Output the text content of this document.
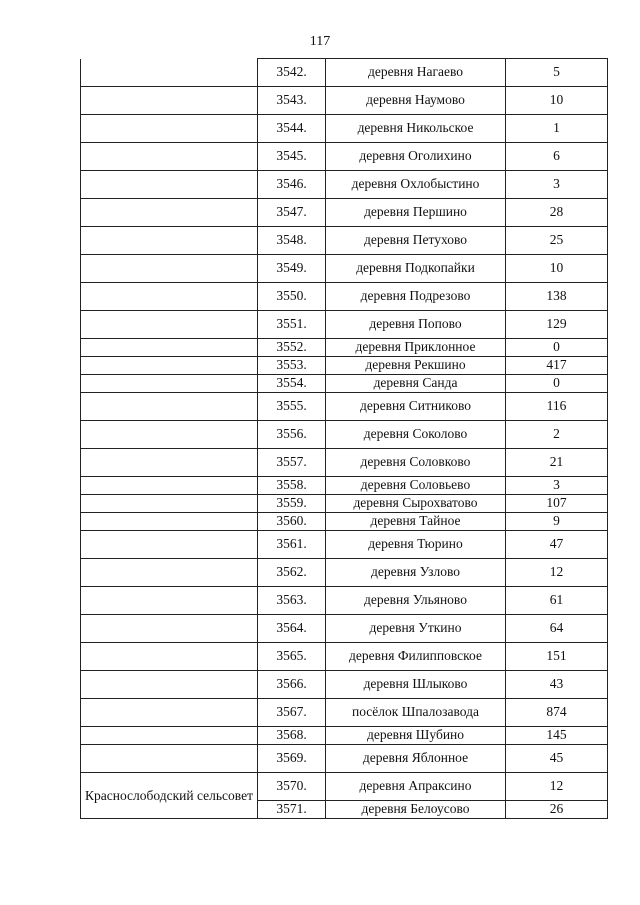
117
	3542.	деревня Нагаево	5
	3543.	деревня Наумово	10
	3544.	деревня Никольское	1
	3545.	деревня Оголихино	6
	3546.	деревня Охлобыстино	3
	3547.	деревня Першино	28
	3548.	деревня Петухово	25
	3549.	деревня Подкопайки	10
	3550.	деревня Подрезово	138
	3551.	деревня Попово	129
	3552.	деревня Приклонное	0
	3553.	деревня Рекшино	417
	3554.	деревня Санда	0
	3555.	деревня Ситниково	116
	3556.	деревня Соколово	2
	3557.	деревня Соловково	21
	3558.	деревня Соловьево	3
	3559.	деревня Сырохватово	107
	3560.	деревня Тайное	9
	3561.	деревня Тюрино	47
	3562.	деревня Узлово	12
	3563.	деревня Ульяново	61
	3564.	деревня Уткино	64
	3565.	деревня Филипповское	151
	3566.	деревня Шлыково	43
	3567.	посёлок Шпалозавода	874
	3568.	деревня Шубино	145
	3569.	деревня Яблонное	45
Краснослободский сельсовет	3570.	деревня Апраксино	12
	3571.	деревня Белоусово	26
